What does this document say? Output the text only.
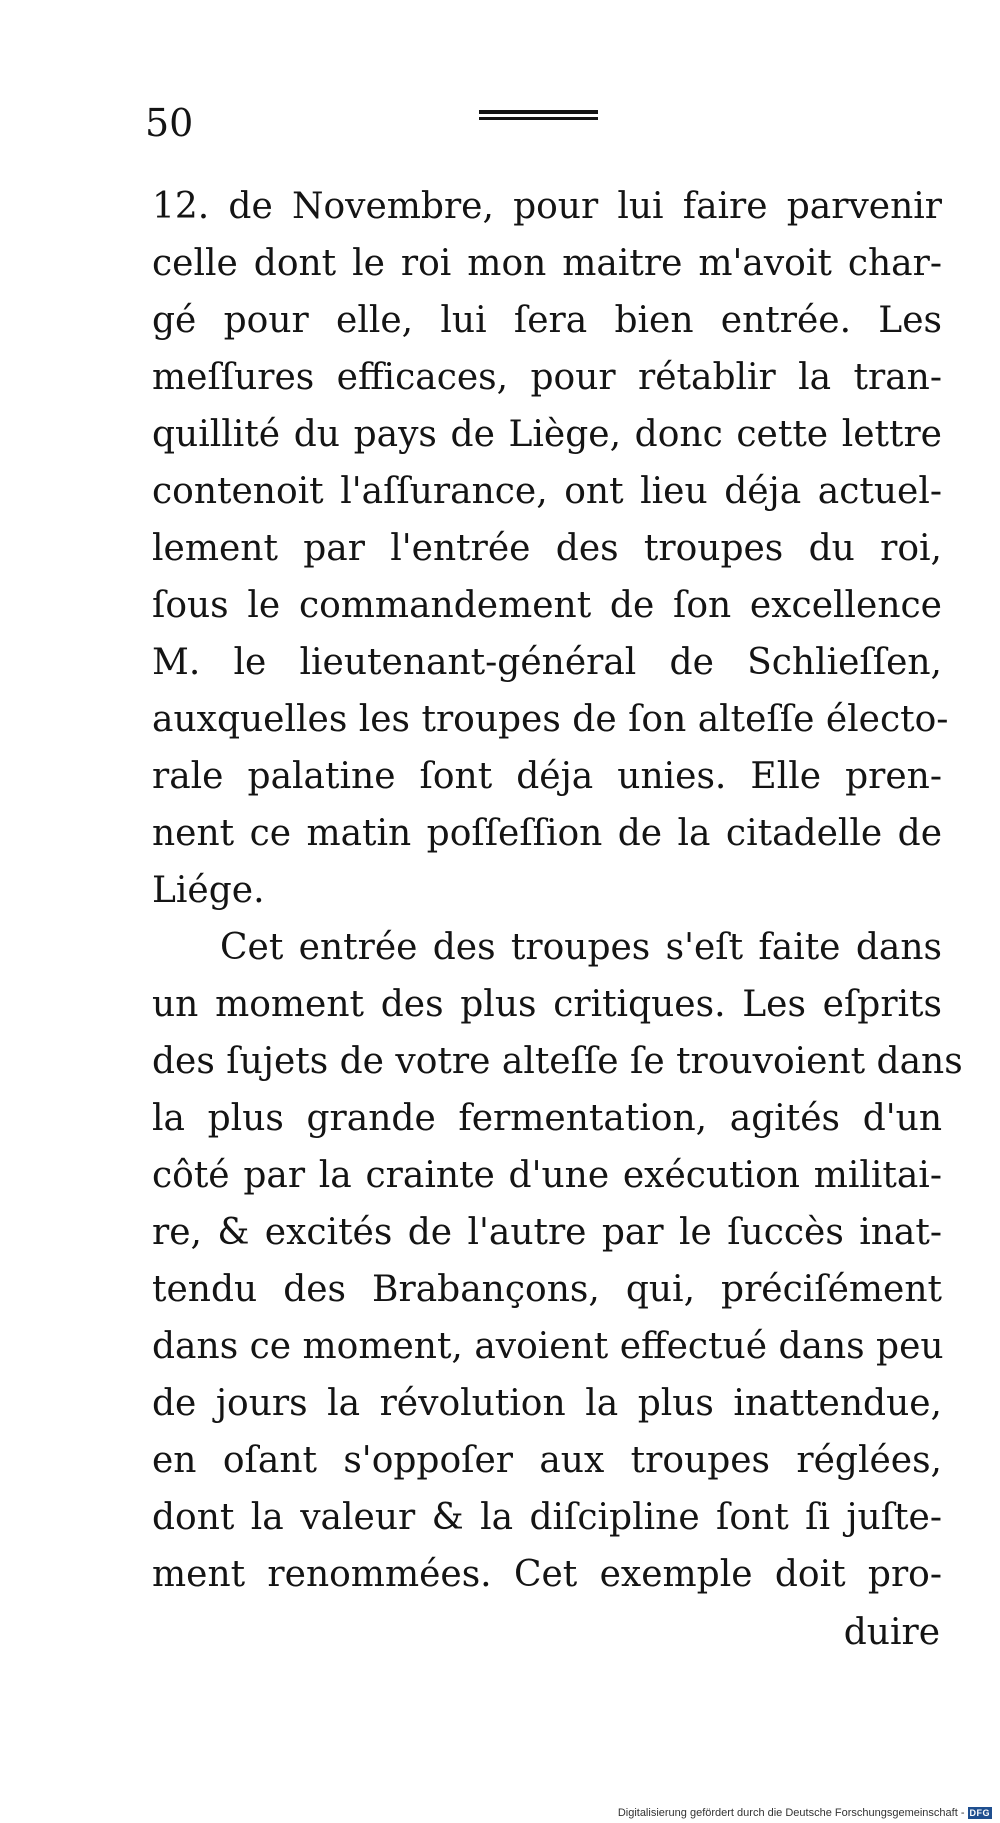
50
12. de Novembre, pour lui faire parvenir
celle dont le roi mon maitre m'avoit char-
gé pour elle, lui ſera bien entrée. Les
meſſures efficaces, pour rétablir la tran-
quillité du pays de Liège, donc cette lettre
contenoit l'aſſurance, ont lieu déja actuel-
lement par l'entrée des troupes du roi,
ſous le commandement de ſon excellence
M. le lieutenant-général de Schlieſſen,
auxquelles les troupes de ſon alteſſe électo-
rale palatine ſont déja unies. Elle pren-
nent ce matin poſſeſſion de la citadelle de
Liége.
Cet entrée des troupes s'eſt faite dans
un moment des plus critiques. Les eſprits
des ſujets de votre alteſſe ſe trouvoient dans
la plus grande fermentation, agités d'un
côté par la crainte d'une exécution militai-
re, & excités de l'autre par le ſuccès inat-
tendu des Brabançons, qui, préciſément
dans ce moment, avoient effectué dans peu
de jours la révolution la plus inattendue,
en oſant s'oppoſer aux troupes réglées,
dont la valeur & la diſcipline ſont ſi juſte-
ment renommées. Cet exemple doit pro-
duire
Digitalisierung gefördert durch die Deutsche Forschungsgemeinschaft - DFG
